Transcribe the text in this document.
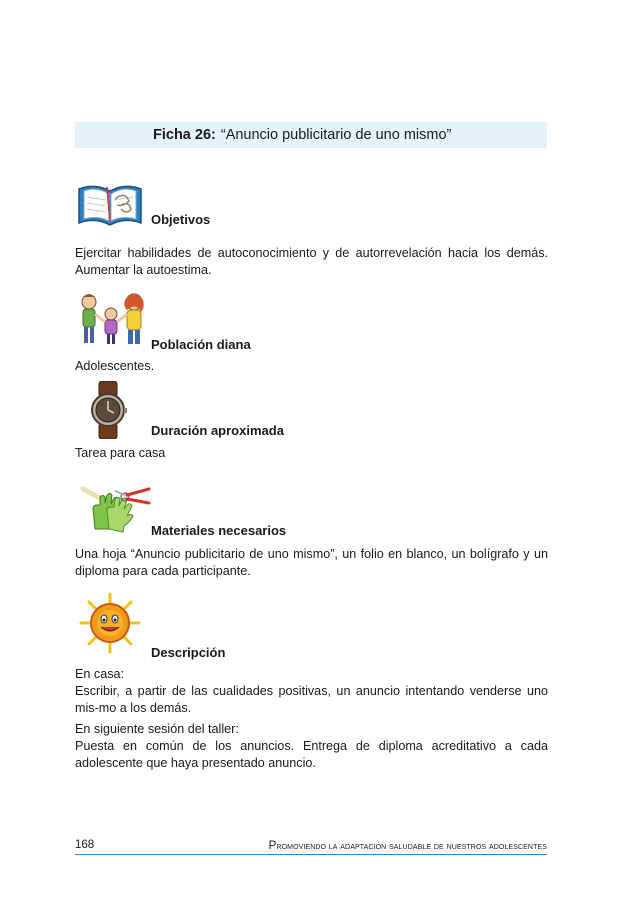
Ficha 26: “Anuncio publicitario de uno mismo”
Objetivos

Ejercitar habilidades de autoconocimiento y de autorrevelación hacia los demás. Aumentar la autoestima.

Población diana

Adolescentes.

Duración aproximada

Tarea para casa

Materiales necesarios

Una hoja “Anuncio publicitario de uno mismo”, un folio en blanco, un bolígrafo y un diploma para cada participante.

Descripción

En casa:

Escribir, a partir de las cualidades positivas, un anuncio intentando venderse uno mis-mo a los demás.

En siguiente sesión del taller:

Puesta en común de los anuncios. Entrega de diploma acreditativo a cada adolescente que haya presentado anuncio.

168	Promoviendo la adaptación saludable de nuestros adolescentes
